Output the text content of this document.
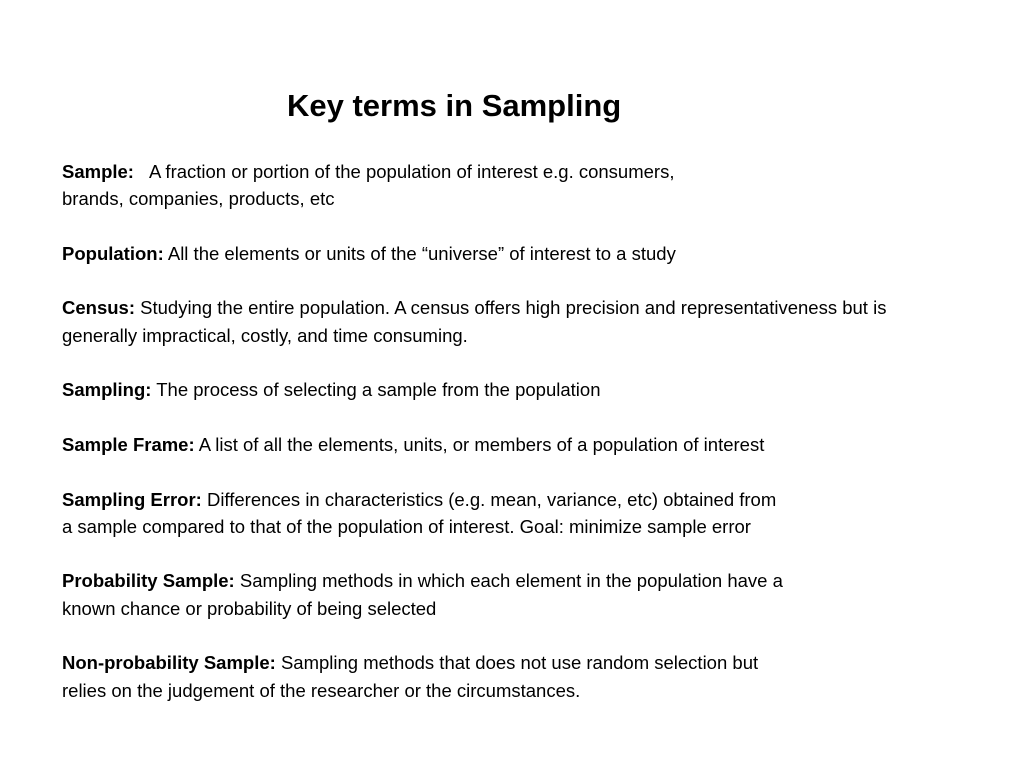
Key terms in Sampling
Sample: A fraction or portion of the population of interest e.g. consumers,
brands, companies, products, etc
Population: All the elements or units of the “universe” of interest to a study
Census: Studying the entire population. A census offers high precision and representativeness but is
generally impractical, costly, and time consuming.
Sampling: The process of selecting a sample from the population
Sample Frame: A list of all the elements, units, or members of a population of interest
Sampling Error: Differences in characteristics (e.g. mean, variance, etc) obtained from
a sample compared to that of the population of interest. Goal: minimize sample error
Probability Sample: Sampling methods in which each element in the population have a
known chance or probability of being selected
Non-probability Sample: Sampling methods that does not use random selection but
relies on the judgement of the researcher or the circumstances.
